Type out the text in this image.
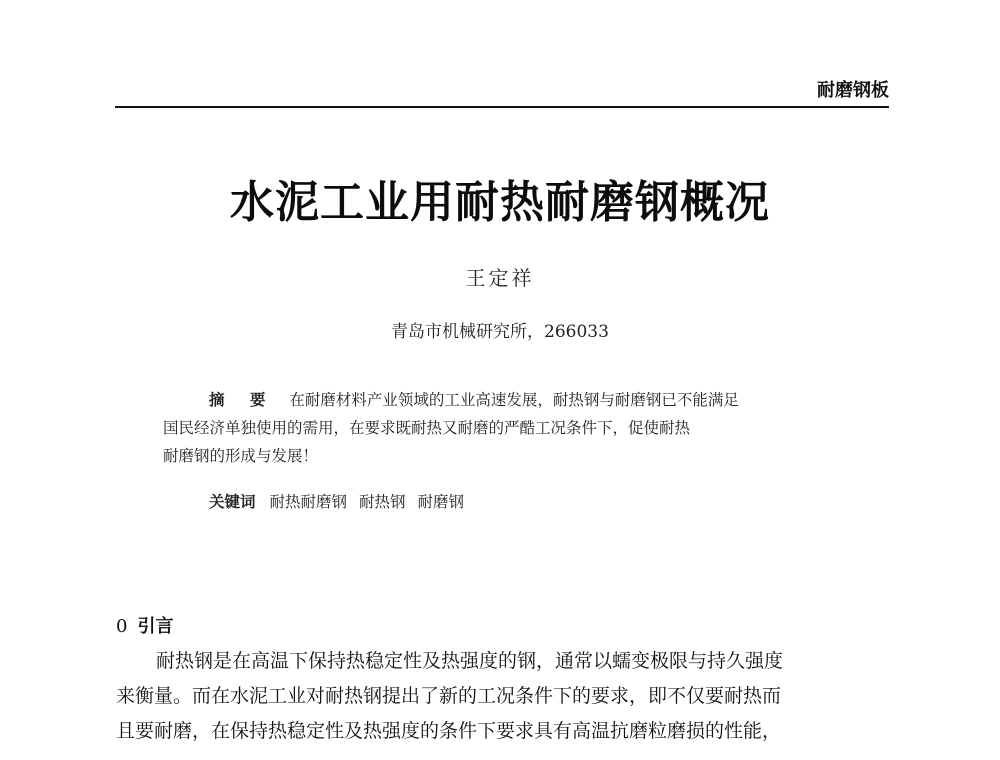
耐磨钢板
水泥工业用耐热耐磨钢概况
王定祥
青岛市机械研究所，266033
摘 要 在耐磨材料产业领域的工业高速发展，耐热钢与耐磨钢已不能满足
国民经济单独使用的需用，在要求既耐热又耐磨的严酷工况条件下，促使耐热
耐磨钢的形成与发展！
关键词 耐热耐磨钢 耐热钢 耐磨钢
0 引言
耐热钢是在高温下保持热稳定性及热强度的钢，通常以蠕变极限与持久强度
来衡量。而在水泥工业对耐热钢提出了新的工况条件下的要求，即不仅要耐热而
且要耐磨，在保持热稳定性及热强度的条件下要求具有高温抗磨粒磨损的性能，
